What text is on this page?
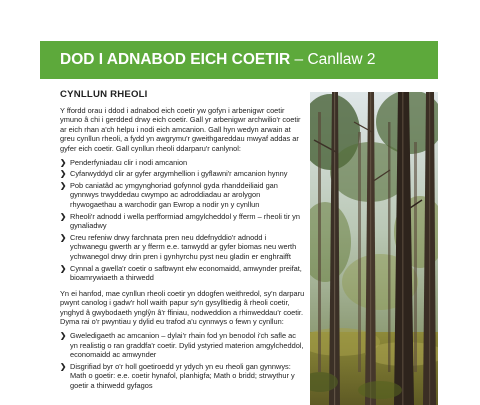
DOD I ADNABOD EICH COETIR
– Canllaw 2
CYNLLUN RHEOLI

Y ffordd orau i ddod i adnabod eich coetir yw gofyn i arbenigwr coetir ymuno â chi i gerdded drwy eich coetir. Gall yr arbenigwr archwilio'r coetir ar eich rhan a'ch helpu i nodi eich amcanion. Gall hyn wedyn arwain at greu cynllun rheoli, a fydd yn awgrymu'r gweithgareddau mwyaf addas ar gyfer eich coetir. Gall cynllun rheoli ddarparu'r canlynol:

❯ Penderfyniadau clir i nodi amcanion
❯ Cyfarwyddyd clir ar gyfer argymhellion i gyflawni'r amcanion hynny
❯ Pob caniatâd ac ymgynghoriad gofynnol gyda rhanddeiliaid gan gynnwys trwyddedau cwympo ac adroddiadau ar arolygon rhywogaethau a warchodir gan Ewrop a nodir yn y cynllun
❯ Rheoli'r adnodd i wella perfformiad amgylcheddol y fferm – rheoli tir yn gynaliadwy
❯ Creu refeniw drwy farchnata pren neu ddefnyddio'r adnodd i ychwanegu gwerth ar y fferm e.e. tanwydd ar gyfer biomas neu werth ychwanegol drwy drin pren i gynhyrchu pyst neu gladin er enghraifft
❯ Cynnal a gwella'r coetir o safbwynt elw economaidd, amwynder preifat, bioamrywiaeth a thirwedd

Yn ei hanfod, mae cynllun rheoli coetir yn ddogfen weithredol, sy'n darparu pwynt canolog i gadw'r holl waith papur sy'n gysylltiedig â rheoli coetir, ynghyd â gwybodaeth ynglŷn â'r ffiniau, nodweddion a rhinweddau'r coetir. Dyma rai o'r pwyntiau y dylid eu trafod a'u cynnwys o fewn y cynllun:

❯ Gweledigaeth ac amcanion – dylai'r rhain fod yn benodol i'ch safle ac yn realistig o ran graddfa'r coetir. Dylid ystyried materion amgylcheddol, economaidd ac amwynder
❯ Disgrifiad byr o'r holl goetiroedd yr ydych yn eu rheoli gan gynnwys: Math o goetir: e.e. coetir hynafol, planhigfa; Math o bridd; strwythur y goetir a thirwedd gyfagos
